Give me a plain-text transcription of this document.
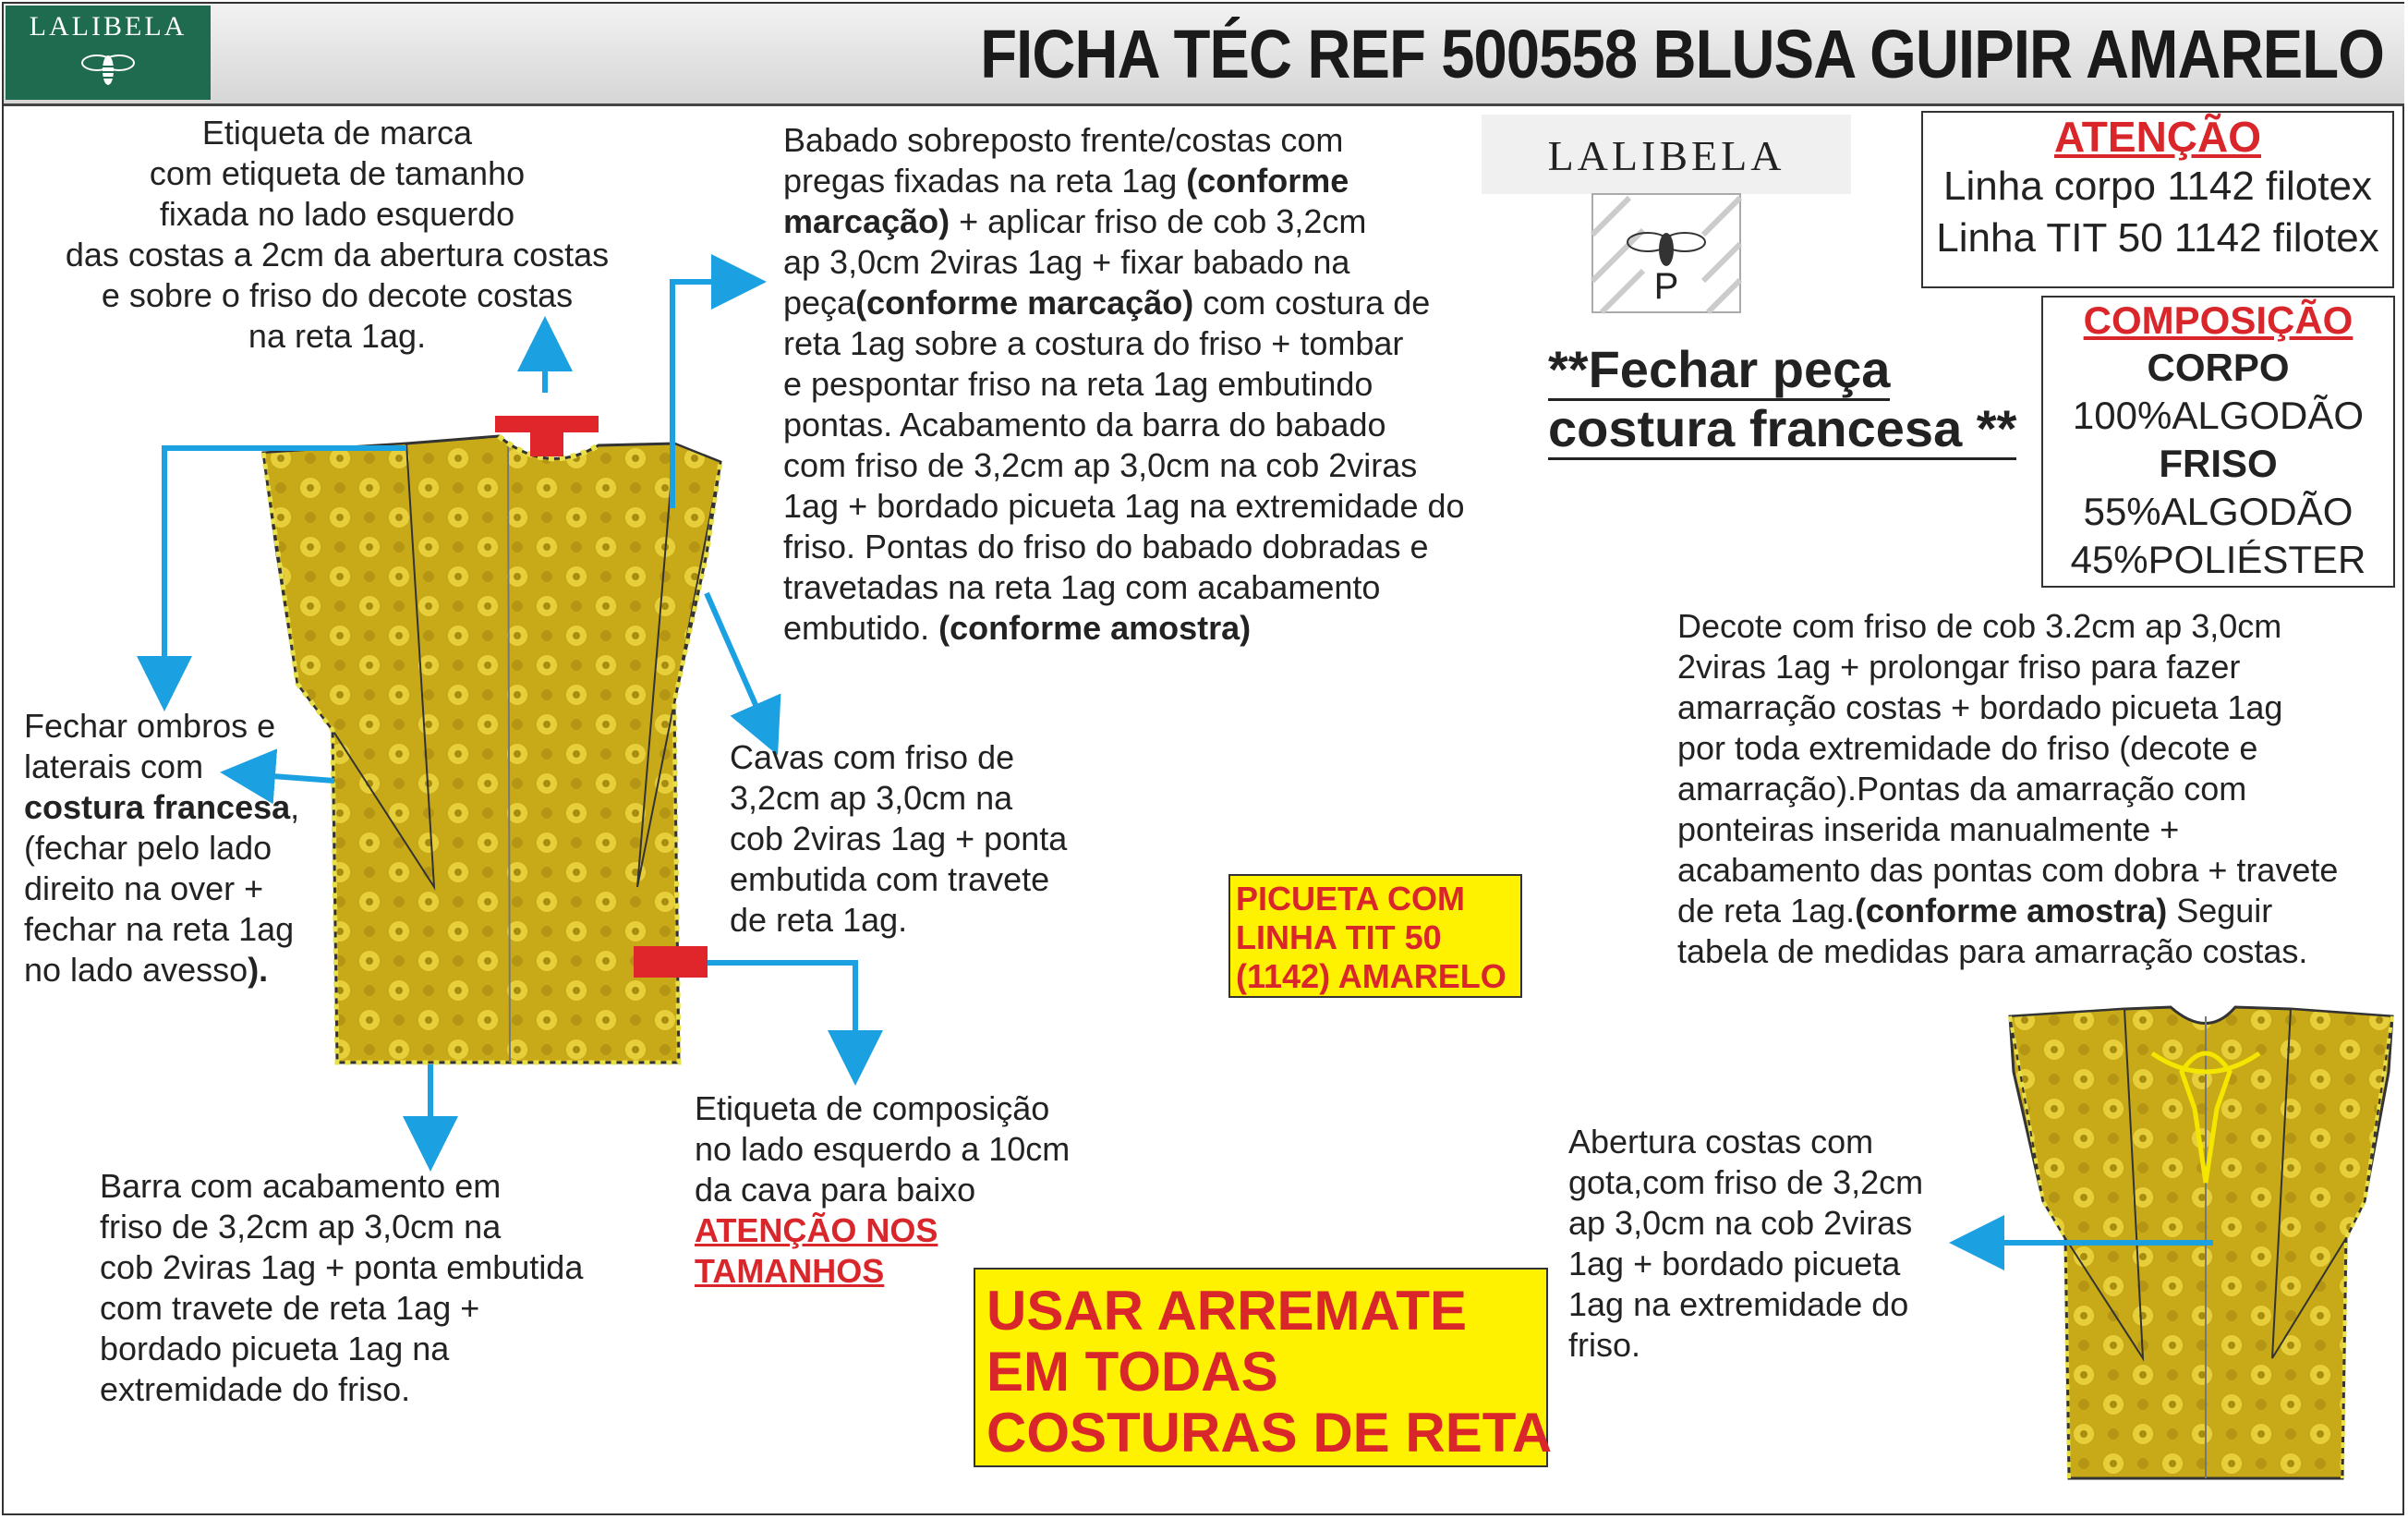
LALIBELA	FICHA TÉC REF 500558 BLUSA GUIPIR AMARELO
Etiqueta de marca
com etiqueta de tamanho
fixada no lado esquerdo
das costas a 2cm da abertura costas
e sobre o friso do decote costas
na reta 1ag.
Babado sobreposto frente/costas com
pregas fixadas na reta 1ag (conforme
marcação) + aplicar friso de cob 3,2cm
ap 3,0cm 2viras 1ag + fixar babado na
peça(conforme marcação) com costura de
reta 1ag sobre a costura do friso + tombar
e pespontar friso na reta 1ag embutindo
pontas. Acabamento da barra do babado
com friso de 3,2cm ap 3,0cm na cob 2viras
1ag + bordado picueta 1ag na extremidade do
friso. Pontas do friso do babado dobradas e
travetadas na reta 1ag com acabamento
embutido. (conforme amostra)
Fechar ombros e
laterais com
costura francesa,
(fechar pelo lado
direito na over +
fechar na reta 1ag
no lado avesso).
Cavas com friso de
3,2cm ap 3,0cm na
cob 2viras 1ag + ponta
embutida com travete
de reta 1ag.
Barra com acabamento em
friso de 3,2cm ap 3,0cm na
cob 2viras 1ag + ponta embutida
com travete de reta 1ag +
bordado picueta 1ag na
extremidade do friso.
Etiqueta de composição
no lado esquerdo a 10cm
da cava para baixo
ATENÇÃO NOS
TAMANHOS
LALIBELA
P
**Fechar peça
costura francesa **
ATENÇÃO
Linha corpo 1142 filotex
Linha TIT 50 1142 filotex
COMPOSIÇÃO
CORPO
100%ALGODÃO
FRISO
55%ALGODÃO
45%POLIÉSTER
Decote com friso de cob 3.2cm ap 3,0cm
2viras 1ag + prolongar friso para fazer
amarração costas + bordado picueta 1ag
por toda extremidade do friso (decote e
amarração).Pontas da amarração com
ponteiras inserida manualmente +
acabamento das pontas com dobra + travete
de reta 1ag.(conforme amostra) Seguir
tabela de medidas para amarração costas.
Abertura costas com
gota,com friso de 3,2cm
ap 3,0cm na cob 2viras
1ag + bordado picueta
1ag na extremidade do
friso.
PICUETA COM
LINHA TIT 50
(1142) AMARELO
USAR ARREMATE
EM TODAS
COSTURAS DE RETA
